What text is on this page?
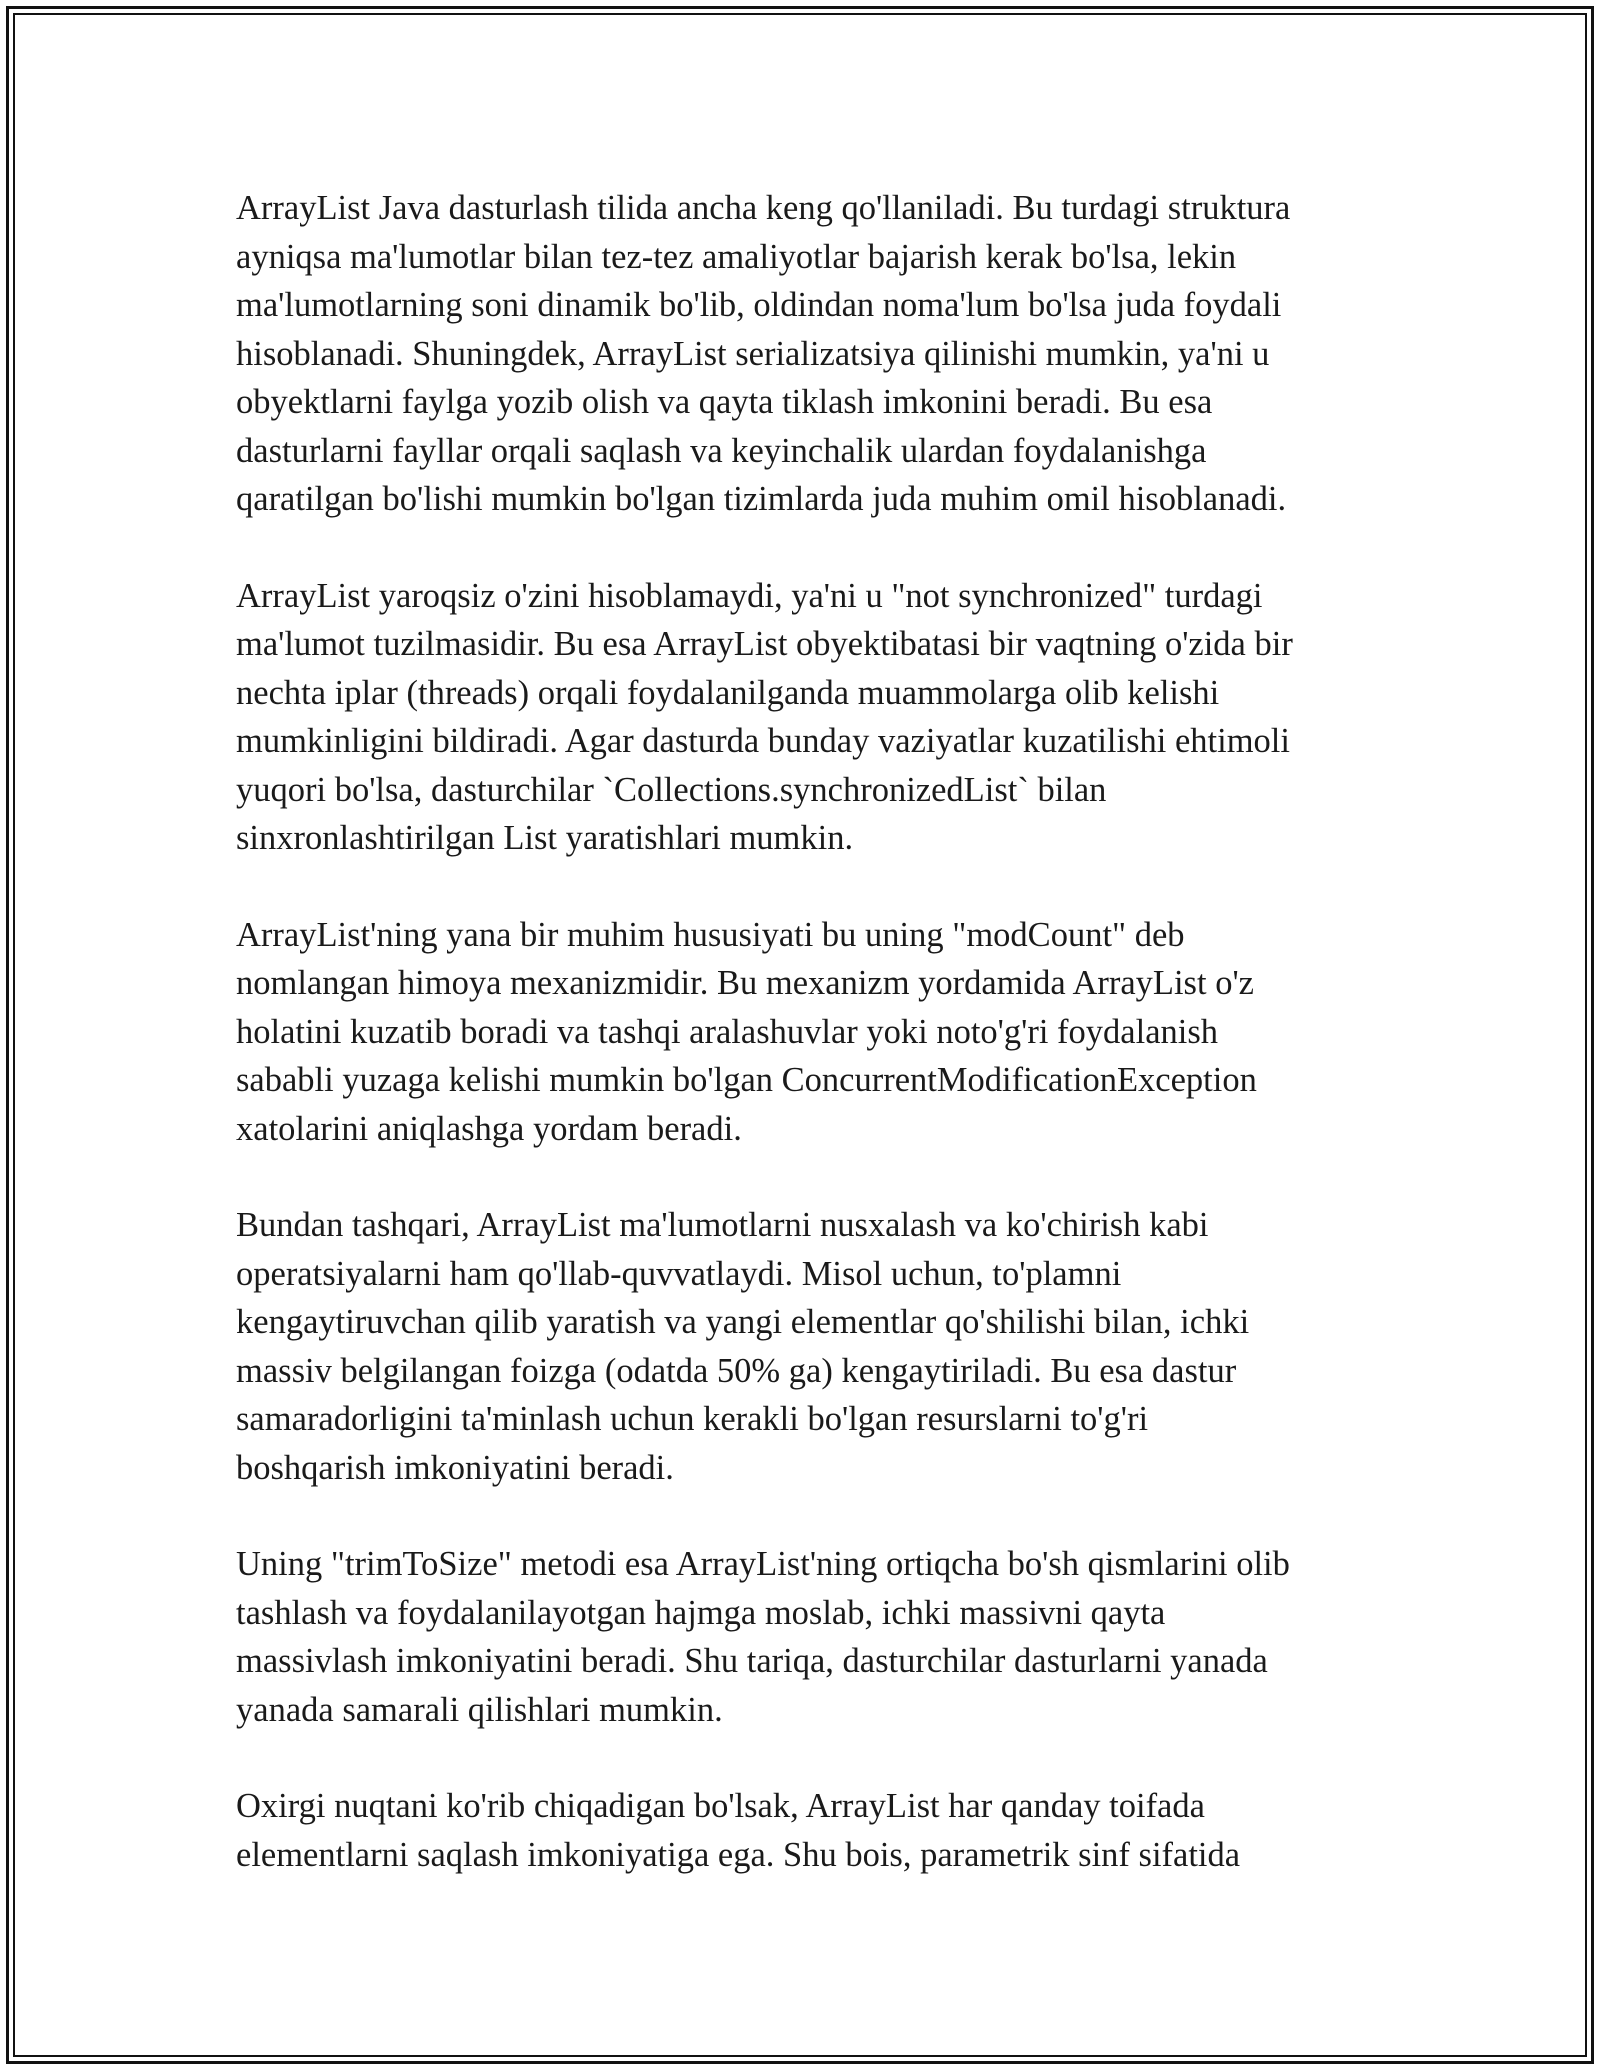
ArrayList Java dasturlash tilida ancha keng qo'llaniladi. Bu turdagi struktura
ayniqsa ma'lumotlar bilan tez-tez amaliyotlar bajarish kerak bo'lsa, lekin
ma'lumotlarning soni dinamik bo'lib, oldindan noma'lum bo'lsa juda foydali
hisoblanadi. Shuningdek, ArrayList serializatsiya qilinishi mumkin, ya'ni u
obyektlarni faylga yozib olish va qayta tiklash imkonini beradi. Bu esa
dasturlarni fayllar orqali saqlash va keyinchalik ulardan foydalanishga
qaratilgan bo'lishi mumkin bo'lgan tizimlarda juda muhim omil hisoblanadi.

ArrayList yaroqsiz o'zini hisoblamaydi, ya'ni u "not synchronized" turdagi
ma'lumot tuzilmasidir. Bu esa ArrayList obyektibatasi bir vaqtning o'zida bir
nechta iplar (threads) orqali foydalanilganda muammolarga olib kelishi
mumkinligini bildiradi. Agar dasturda bunday vaziyatlar kuzatilishi ehtimoli
yuqori bo'lsa, dasturchilar `Collections.synchronizedList` bilan
sinxronlashtirilgan List yaratishlari mumkin.

ArrayList'ning yana bir muhim hususiyati bu uning "modCount" deb
nomlangan himoya mexanizmidir. Bu mexanizm yordamida ArrayList o'z
holatini kuzatib boradi va tashqi aralashuvlar yoki noto'g'ri foydalanish
sababli yuzaga kelishi mumkin bo'lgan ConcurrentModificationException
xatolarini aniqlashga yordam beradi.

Bundan tashqari, ArrayList ma'lumotlarni nusxalash va ko'chirish kabi
operatsiyalarni ham qo'llab-quvvatlaydi. Misol uchun, to'plamni
kengaytiruvchan qilib yaratish va yangi elementlar qo'shilishi bilan, ichki
massiv belgilangan foizga (odatda 50% ga) kengaytiriladi. Bu esa dastur
samaradorligini ta'minlash uchun kerakli bo'lgan resurslarni to'g'ri
boshqarish imkoniyatini beradi.

Uning "trimToSize" metodi esa ArrayList'ning ortiqcha bo'sh qismlarini olib
tashlash va foydalanilayotgan hajmga moslab, ichki massivni qayta
massivlash imkoniyatini beradi. Shu tariqa, dasturchilar dasturlarni yanada
yanada samarali qilishlari mumkin.

Oxirgi nuqtani ko'rib chiqadigan bo'lsak, ArrayList har qanday toifada
elementlarni saqlash imkoniyatiga ega. Shu bois, parametrik sinf sifatida
